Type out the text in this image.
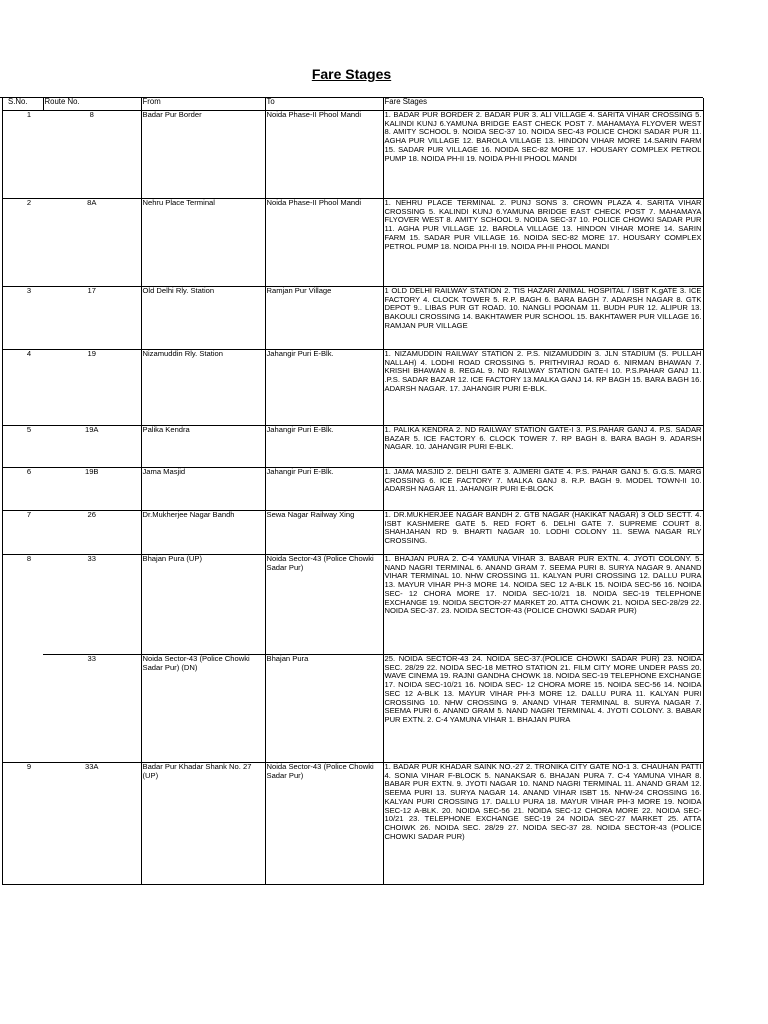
Fare Stages
S.No.	Route No.	From	To	Fare Stages
1	8	Badar Pur Border	Noida Phase-II Phool Mandi	1. BADAR PUR BORDER 2. BADAR PUR 3. ALI VILLAGE 4. SARITA VIHAR CROSSING 5. KALINDI KUNJ 6.YAMUNA BRIDGE EAST CHECK POST 7. MAHAMAYA FLYOVER WEST 8. AMITY SCHOOL 9. NOIDA SEC-37 10. NOIDA SEC-43 POLICE CHOKI SADAR PUR 11. AGHA PUR VILLAGE 12. BAROLA VILLAGE 13. HINDON VIHAR MORE 14.SARIN FARM 15. SADAR PUR VILLAGE 16. NOIDA SEC-82 MORE 17. HOUSARY COMPLEX PETROL PUMP 18. NOIDA PH-II 19. NOIDA PH-II PHOOL MANDI
2	8A	Nehru Place Terminal	Noida Phase-II Phool Mandi	1. NEHRU PLACE TERMINAL 2. PUNJ SONS 3. CROWN PLAZA 4. SARITA VIHAR CROSSING 5. KALINDI KUNJ 6.YAMUNA BRIDGE EAST CHECK POST 7. MAHAMAYA FLYOVER WEST 8. AMITY SCHOOL 9. NOIDA SEC-37 10. POLICE CHOWKI SADAR PUR 11. AGHA PUR VILLAGE 12. BAROLA VILLAGE 13. HINDON VIHAR MORE 14. SARIN FARM 15. SADAR PUR VILLAGE 16. NOIDA SEC-82 MORE 17. HOUSARY COMPLEX PETROL PUMP 18. NOIDA PH-II 19. NOIDA PH-II PHOOL MANDI
3	17	Old Delhi Rly. Station	Ramjan Pur Village	1 OLD DELHI RAILWAY STATION 2. TIS HAZARI ANIMAL HOSPITAL / ISBT K.gATE 3. ICE FACTORY 4. CLOCK TOWER 5. R.P. BAGH 6. BARA BAGH 7. ADARSH NAGAR 8. GTK DEPOT 9.. LIBAS PUR GT ROAD. 10. NANGLI POONAM 11. BUDH PUR 12. ALIPUR 13. BAKOULI CROSSING 14. BAKHTAWER PUR SCHOOL 15. BAKHTAWER PUR VILLAGE 16. RAMJAN PUR VILLAGE
4	19	Nizamuddin Rly. Station	Jahangir Puri E-Blk.	1. NIZAMUDDIN RAILWAY STATION 2. P.S. NIZAMUDDIN 3. JLN STADIUM (S. PULLAH NALLAH) 4. LODHI ROAD CROSSING 5. PRITHVIRAJ ROAD 6. NIRMAN BHAWAN 7. KRISHI BHAWAN 8. REGAL 9. ND RAILWAY STATION GATE-I 10. P.S.PAHAR GANJ 11. .P.S. SADAR BAZAR 12. ICE FACTORY 13.MALKA GANJ 14. RP BAGH 15. BARA BAGH 16. ADARSH NAGAR. 17. JAHANGIR PURI E-BLK.
5	19A	Palika Kendra	Jahangir Puri E-Blk.	1. PALIKA KENDRA 2. ND RAILWAY STATION GATE-I 3. P.S.PAHAR GANJ 4. P.S. SADAR BAZAR 5. ICE FACTORY 6. CLOCK TOWER 7. RP BAGH 8. BARA BAGH 9. ADARSH NAGAR. 10. JAHANGIR PURI E-BLK.
6	19B	Jama Masjid	Jahangir Puri E-Blk.	1. JAMA MASJID 2. DELHI GATE 3. AJMERI GATE 4. P.S. PAHAR GANJ 5. G.G.S. MARG CROSSING 6. ICE FACTORY 7. MALKA GANJ 8. R.P. BAGH 9. MODEL TOWN-II 10. ADARSH NAGAR 11. JAHANGIR PURI E-BLOCK
7	26	Dr.Mukherjee Nagar Bandh	Sewa Nagar Railway Xing	1. DR.MUKHERJEE NAGAR BANDH 2. GTB NAGAR (HAKIKAT NAGAR) 3 OLD SECTT. 4. ISBT KASHMERE GATE 5. RED FORT 6. DELHI GATE 7. SUPREME COURT 8. SHAHJAHAN RD 9. BHARTI NAGAR 10. LODHI COLONY 11. SEWA NAGAR RLY CROSSING.
8	33	Bhajan Pura (UP)	Noida Sector-43 (Police Chowki Sadar Pur)	1. BHAJAN PURA 2. C-4 YAMUNA VIHAR 3. BABAR PUR EXTN. 4. JYOTI COLONY. 5. NAND NAGRI TERMINAL 6. ANAND GRAM 7. SEEMA PURI 8. SURYA NAGAR 9. ANAND VIHAR TERMINAL 10. NHW CROSSING 11. KALYAN PURI CROSSING 12. DALLU PURA 13. MAYUR VIHAR PH-3 MORE 14. NOIDA SEC 12 A-BLK 15. NOIDA SEC-56 16. NOIDA SEC- 12 CHORA MORE 17. NOIDA SEC-10/21 18. NOIDA SEC-19 TELEPHONE EXCHANGE 19. NOIDA SECTOR-27 MARKET 20. ATTA CHOWK 21. NOIDA SEC-28/29 22. NOIDA SEC-37. 23. NOIDA SECTOR-43 (POLICE CHOWKI SADAR PUR)
	33	Noida Sector-43 (Police Chowki Sadar Pur) (DN)	Bhajan Pura	25. NOIDA SECTOR-43 24. NOIDA SEC-37.(POLICE CHOWKI SADAR PUR) 23. NOIDA SEC. 28/29 22. NOIDA SEC-18 METRO STATION 21. FILM CITY MORE UNDER PASS 20. WAVE CINEMA 19. RAJNI GANDHA CHOWK 18. NOIDA SEC-19 TELEPHONE EXCHANGE 17. NOIDA SEC-10/21 16. NOIDA SEC- 12 CHORA MORE 15. NOIDA SEC-56 14. NOIDA SEC 12 A-BLK 13. MAYUR VIHAR PH-3 MORE 12. DALLU PURA 11. KALYAN PURI CROSSING 10. NHW CROSSING 9. ANAND VIHAR TERMINAL 8. SURYA NAGAR 7. SEEMA PURI 6. ANAND GRAM 5. NAND NAGRI TERMINAL 4. JYOTI COLONY. 3. BABAR PUR EXTN. 2. C-4 YAMUNA VIHAR 1. BHAJAN PURA
9	33A	Badar Pur Khadar Shank No. 27 (UP)	Noida Sector-43 (Police Chowki Sadar Pur)	1. BADAR PUR KHADAR SAINK NO.-27 2. TRONIKA CITY GATE NO-1 3. CHAUHAN PATTI 4. SONIA VIHAR F-BLOCK 5. NANAKSAR 6. BHAJAN PURA 7. C-4 YAMUNA VIHAR 8. BABAR PUR EXTN. 9. JYOTI NAGAR 10. NAND NAGRI TERMINAL 11. ANAND GRAM 12. SEEMA PURI 13. SURYA NAGAR 14. ANAND VIHAR ISBT 15. NHW-24 CROSSING 16. KALYAN PURI CROSSING 17. DALLU PURA 18. MAYUR VIHAR PH-3 MORE 19. NOIDA SEC-12 A-BLK. 20. NOIDA SEC-56 21. NOIDA SEC-12 CHORA MORE 22. NOIDA SEC-10/21 23. TELEPHONE EXCHANGE SEC-19 24 NOIDA SEC-27 MARKET 25. ATTA CHOIWK 26. NOIDA SEC. 28/29 27. NOIDA SEC-37 28. NOIDA SECTOR-43 (POLICE CHOWKI SADAR PUR)
